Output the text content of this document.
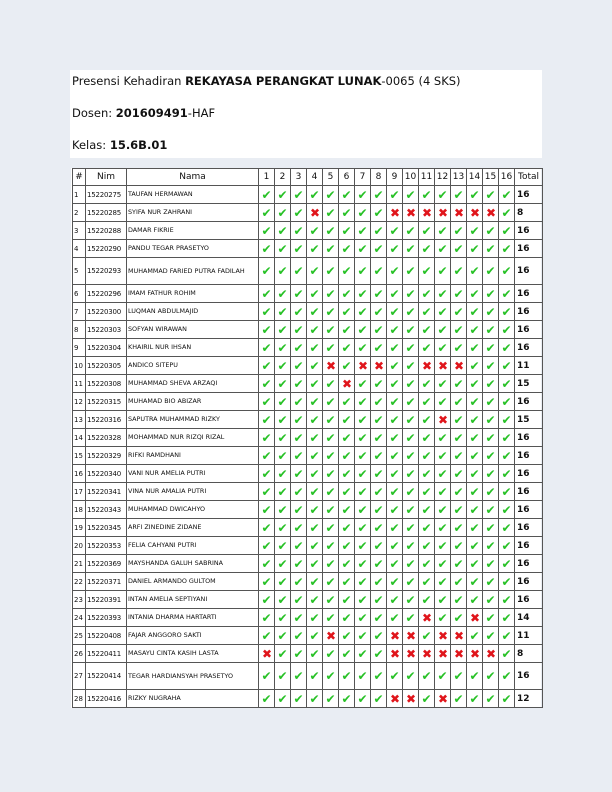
Presensi Kehadiran REKAYASA PERANGKAT LUNAK-0065 (4 SKS)
Dosen: 201609491-HAF
Kelas: 15.6B.01
#	Nim	Nama	1	2	3	4	5	6	7	8	9	10	11	12	13	14	15	16	Total
1	15220275	TAUFAN HERMAWAN	✔	✔	✔	✔	✔	✔	✔	✔	✔	✔	✔	✔	✔	✔	✔	✔	16
2	15220285	SYIFA NUR ZAHRANI	✔	✔	✔	✖	✔	✔	✔	✔	✖	✖	✖	✖	✖	✖	✖	✔	8
3	15220288	DAMAR FIKRIE	✔	✔	✔	✔	✔	✔	✔	✔	✔	✔	✔	✔	✔	✔	✔	✔	16
4	15220290	PANDU TEGAR PRASETYO	✔	✔	✔	✔	✔	✔	✔	✔	✔	✔	✔	✔	✔	✔	✔	✔	16
5	15220293	MUHAMMAD FARIED PUTRA FADILAH	✔	✔	✔	✔	✔	✔	✔	✔	✔	✔	✔	✔	✔	✔	✔	✔	16
6	15220296	IMAM FATHUR ROHIM	✔	✔	✔	✔	✔	✔	✔	✔	✔	✔	✔	✔	✔	✔	✔	✔	16
7	15220300	LUQMAN ABDULMAJID	✔	✔	✔	✔	✔	✔	✔	✔	✔	✔	✔	✔	✔	✔	✔	✔	16
8	15220303	SOFYAN WIRAWAN	✔	✔	✔	✔	✔	✔	✔	✔	✔	✔	✔	✔	✔	✔	✔	✔	16
9	15220304	KHAIRIL NUR IHSAN	✔	✔	✔	✔	✔	✔	✔	✔	✔	✔	✔	✔	✔	✔	✔	✔	16
10	15220305	ANDICO SITEPU	✔	✔	✔	✔	✖	✔	✖	✖	✔	✔	✖	✖	✖	✔	✔	✔	11
11	15220308	MUHAMMAD SHEVA ARZAQI	✔	✔	✔	✔	✔	✖	✔	✔	✔	✔	✔	✔	✔	✔	✔	✔	15
12	15220315	MUHAMAD BIO ABIZAR	✔	✔	✔	✔	✔	✔	✔	✔	✔	✔	✔	✔	✔	✔	✔	✔	16
13	15220316	SAPUTRA MUHAMMAD RIZKY	✔	✔	✔	✔	✔	✔	✔	✔	✔	✔	✔	✖	✔	✔	✔	✔	15
14	15220328	MOHAMMAD NUR RIZQI RIZAL	✔	✔	✔	✔	✔	✔	✔	✔	✔	✔	✔	✔	✔	✔	✔	✔	16
15	15220329	RIFKI RAMDHANI	✔	✔	✔	✔	✔	✔	✔	✔	✔	✔	✔	✔	✔	✔	✔	✔	16
16	15220340	VANI NUR AMELIA PUTRI	✔	✔	✔	✔	✔	✔	✔	✔	✔	✔	✔	✔	✔	✔	✔	✔	16
17	15220341	VINA NUR AMALIA PUTRI	✔	✔	✔	✔	✔	✔	✔	✔	✔	✔	✔	✔	✔	✔	✔	✔	16
18	15220343	MUHAMMAD DWICAHYO	✔	✔	✔	✔	✔	✔	✔	✔	✔	✔	✔	✔	✔	✔	✔	✔	16
19	15220345	ARFI ZINEDINE ZIDANE	✔	✔	✔	✔	✔	✔	✔	✔	✔	✔	✔	✔	✔	✔	✔	✔	16
20	15220353	FELIA CAHYANI PUTRI	✔	✔	✔	✔	✔	✔	✔	✔	✔	✔	✔	✔	✔	✔	✔	✔	16
21	15220369	MAYSHANDA GALUH SABRINA	✔	✔	✔	✔	✔	✔	✔	✔	✔	✔	✔	✔	✔	✔	✔	✔	16
22	15220371	DANIEL ARMANDO GULTOM	✔	✔	✔	✔	✔	✔	✔	✔	✔	✔	✔	✔	✔	✔	✔	✔	16
23	15220391	INTAN AMELIA SEPTIYANI	✔	✔	✔	✔	✔	✔	✔	✔	✔	✔	✔	✔	✔	✔	✔	✔	16
24	15220393	INTANIA DHARMA HARTARTI	✔	✔	✔	✔	✔	✔	✔	✔	✔	✔	✖	✔	✔	✖	✔	✔	14
25	15220408	FAJAR ANGGORO SAKTI	✔	✔	✔	✔	✖	✔	✔	✔	✖	✖	✔	✖	✖	✔	✔	✔	11
26	15220411	MASAYU CINTA KASIH LASTA	✖	✔	✔	✔	✔	✔	✔	✔	✖	✖	✖	✖	✖	✖	✖	✔	8
27	15220414	TEGAR HARDIANSYAH PRASETYO	✔	✔	✔	✔	✔	✔	✔	✔	✔	✔	✔	✔	✔	✔	✔	✔	16
28	15220416	RIZKY NUGRAHA	✔	✔	✔	✔	✔	✔	✔	✔	✖	✖	✔	✖	✔	✔	✔	✔	12
